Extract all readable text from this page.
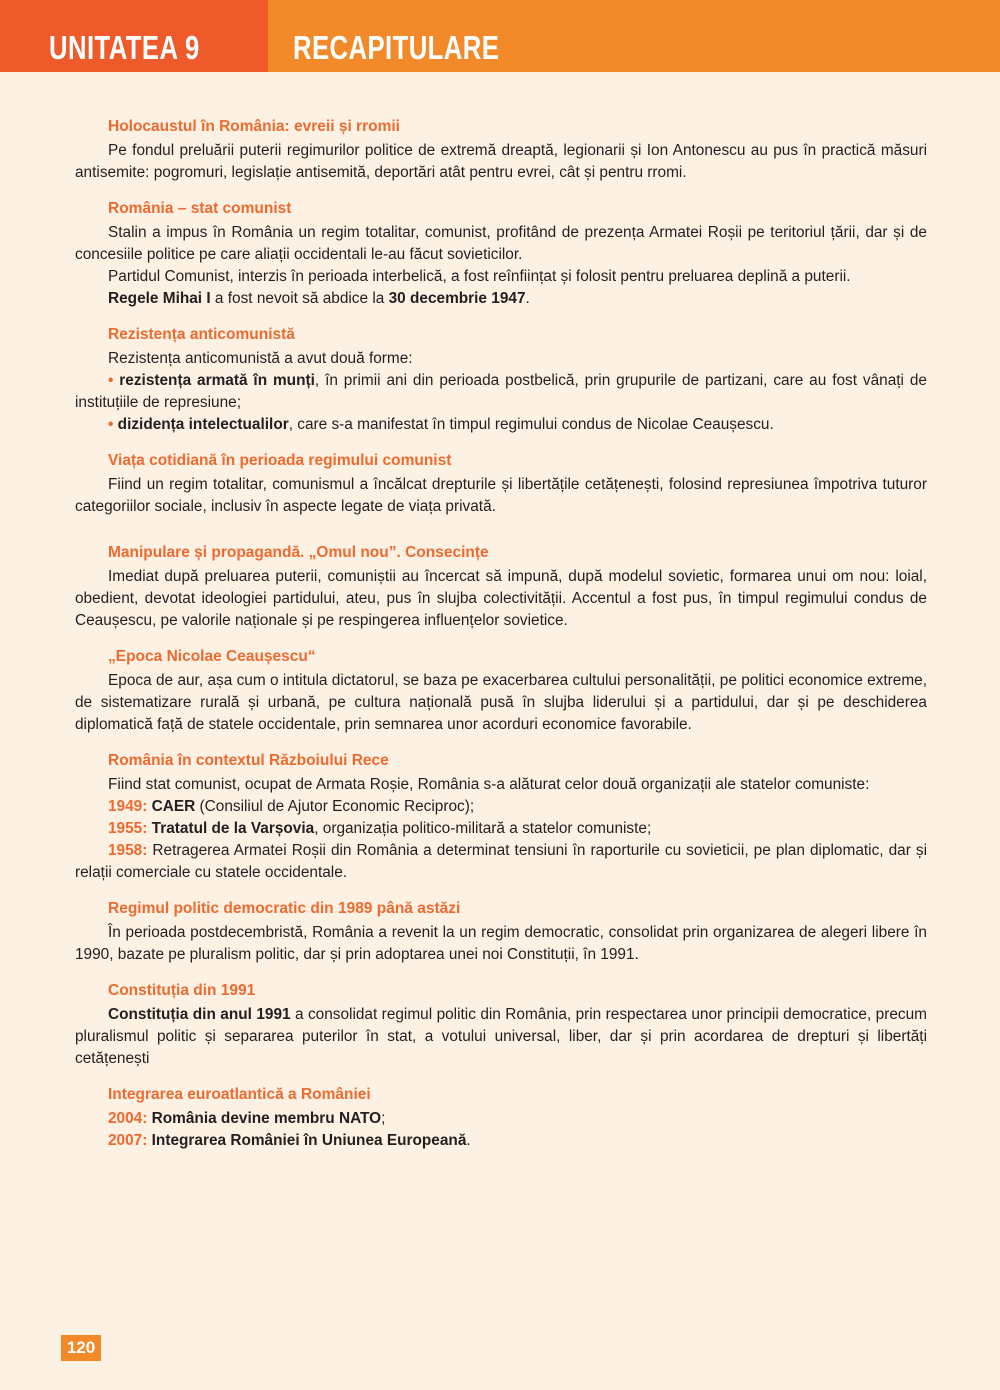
UNITATEA 9	RECAPITULARE
Holocaustul în România: evreii și rromii

Pe fondul preluării puterii regimurilor politice de extremă dreaptă, legionarii și Ion Antonescu au pus în practică măsuri antisemite: pogromuri, legislație antisemită, deportări atât pentru evrei, cât și pentru rromi.

România – stat comunist

Stalin a impus în România un regim totalitar, comunist, profitând de prezența Armatei Roșii pe teritoriul țării, dar și de concesiile politice pe care aliații occidentali le-au făcut sovieticilor.

Partidul Comunist, interzis în perioada interbelică, a fost reînființat și folosit pentru preluarea deplină a puterii.

Regele Mihai I a fost nevoit să abdice la 30 decembrie 1947.

Rezistența anticomunistă

Rezistența anticomunistă a avut două forme:

• rezistența armată în munți, în primii ani din perioada postbelică, prin grupurile de partizani, care au fost vânați de instituțiile de represiune;

• dizidența intelectualilor, care s-a manifestat în timpul regimului condus de Nicolae Ceaușescu.

Viața cotidiană în perioada regimului comunist

Fiind un regim totalitar, comunismul a încălcat drepturile și libertățile cetățenești, folosind represiunea împotriva tuturor categoriilor sociale, inclusiv în aspecte legate de viața privată.

Manipulare și propagandă. „Omul nou”. Consecințe

Imediat după preluarea puterii, comuniștii au încercat să impună, după modelul sovietic, formarea unui om nou: loial, obedient, devotat ideologiei partidului, ateu, pus în slujba colectivității. Accentul a fost pus, în timpul regimului condus de Ceaușescu, pe valorile naționale și pe respingerea influențelor sovietice.

„Epoca Nicolae Ceaușescu“

Epoca de aur, așa cum o intitula dictatorul, se baza pe exacerbarea cultului personalității, pe politici economice extreme, de sistematizare rurală și urbană, pe cultura națională pusă în slujba liderului și a partidului, dar și pe deschiderea diplomatică față de statele occidentale, prin semnarea unor acorduri economice favorabile.

România în contextul Războiului Rece

Fiind stat comunist, ocupat de Armata Roșie, România s-a alăturat celor două organizații ale statelor comuniste:

1949: CAER (Consiliul de Ajutor Economic Reciproc);

1955: Tratatul de la Varșovia, organizația politico-militară a statelor comuniste;

1958: Retragerea Armatei Roșii din România a determinat tensiuni în raporturile cu sovieticii, pe plan diplomatic, dar și relații comerciale cu statele occidentale.

Regimul politic democratic din 1989 până astăzi

În perioada postdecembristă, România a revenit la un regim democratic, consolidat prin organizarea de alegeri libere în 1990, bazate pe pluralism politic, dar și prin adoptarea unei noi Constituții, în 1991.

Constituția din 1991

Constituția din anul 1991 a consolidat regimul politic din România, prin respectarea unor principii democratice, precum pluralismul politic și separarea puterilor în stat, a votului universal, liber, dar și prin acordarea de drepturi și libertăți cetățenești

Integrarea euroatlantică a României

2004: România devine membru NATO;

2007: Integrarea României în Uniunea Europeană.

120
